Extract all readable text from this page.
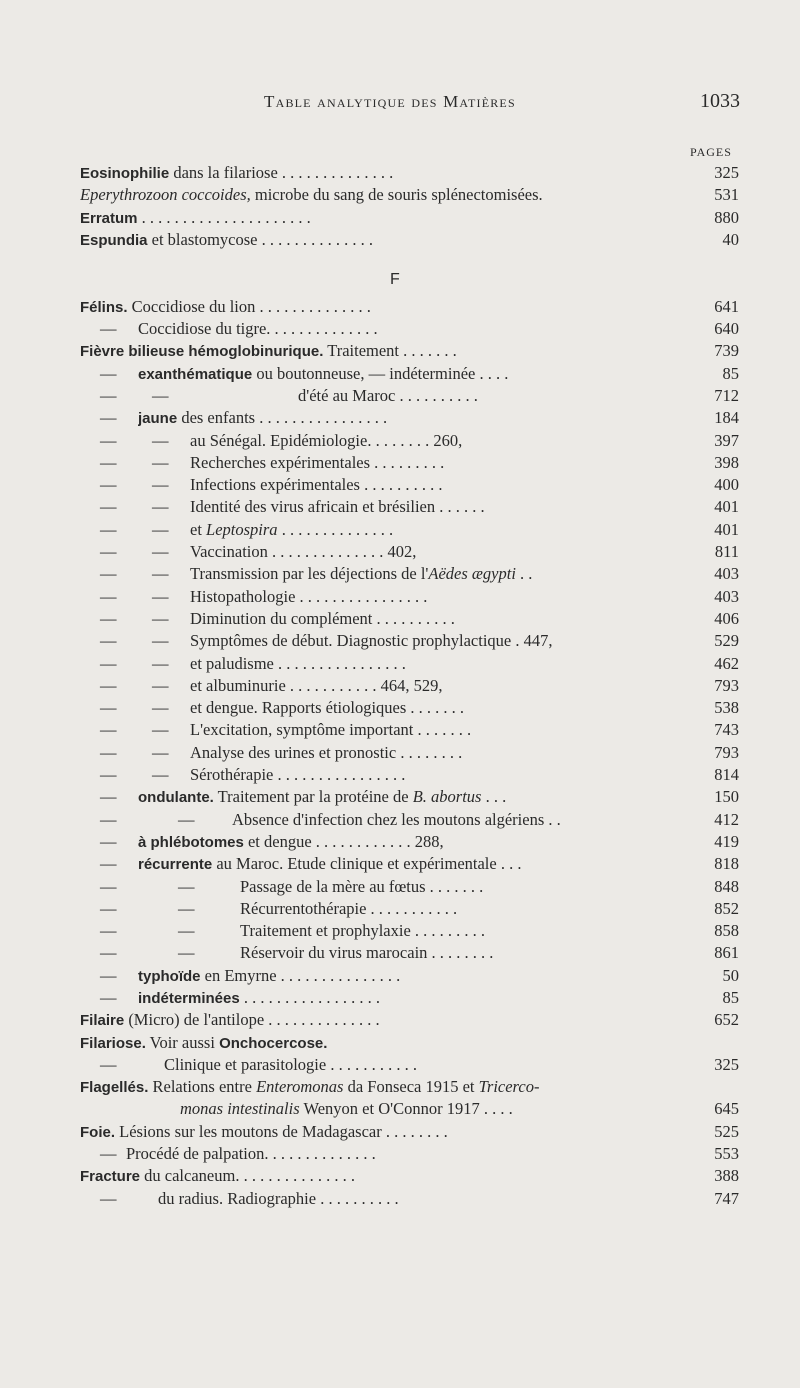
Table analytique des Matières	1033
PAGES
Eosinophilie dans la filariose . . . . . . . . . . . . . .	325
Eperythrozoon coccoides, microbe du sang de souris splénectomisées.	531
Erratum . . . . . . . . . . . . . . . . . . . . .	880
Espundia et blastomycose . . . . . . . . . . . . . .	40
F
Félins. Coccidiose du lion . . . . . . . . . . . . . .	641
— Coccidiose du tigre. . . . . . . . . . . . . .	640
Fièvre bilieuse hémoglobinurique. Traitement . . . . . . .	739
— exanthématique ou boutonneuse, — indéterminée . . . .	85
— —	d'été au Maroc . . . . . . . . . .	712
— jaune des enfants . . . . . . . . . . . . . . . .	184
— — au Sénégal. Epidémiologie. . . . . . . . 260,	397
— — Recherches expérimentales . . . . . . . . .	398
— — Infections expérimentales . . . . . . . . . .	400
— — Identité des virus africain et brésilien . . . . . .	401
— — et Leptospira . . . . . . . . . . . . . .	401
— — Vaccination . . . . . . . . . . . . . . 402,	811
— — Transmission par les déjections de l'Aëdes ægypti . .	403
— — Histopathologie . . . . . . . . . . . . . . . .	403
— — Diminution du complément . . . . . . . . . .	406
— — Symptômes de début. Diagnostic prophylactique . 447,	529
— — et paludisme . . . . . . . . . . . . . . . .	462
— — et albuminurie . . . . . . . . . . . 464, 529,	793
— — et dengue. Rapports étiologiques . . . . . . .	538
— — L'excitation, symptôme important . . . . . . .	743
— — Analyse des urines et pronostic . . . . . . . .	793
— — Sérothérapie . . . . . . . . . . . . . . . .	814
— ondulante. Traitement par la protéine de B. abortus . . .	150
—	— Absence d'infection chez les moutons algériens . .	412
— à phlébotomes et dengue . . . . . . . . . . . . 288,	419
— récurrente au Maroc. Etude clinique et expérimentale . . .	818
—	—	Passage de la mère au fœtus . . . . . . .	848
—	—	Récurrentothérapie . . . . . . . . . . .	852
—	—	Traitement et prophylaxie . . . . . . . . .	858
—	—	Réservoir du virus marocain . . . . . . . .	861
— typhoïde en Emyrne . . . . . . . . . . . . . . .	50
— indéterminées . . . . . . . . . . . . . . . . .	85
Filaire (Micro) de l'antilope . . . . . . . . . . . . . .	652
Filariose. Voir aussi Onchocercose.
—	Clinique et parasitologie . . . . . . . . . . .	325
Flagellés. Relations entre Enteromonas da Fonseca 1915 et Tricerco-
monas intestinalis Wenyon et O'Connor 1917 . . . .	645
Foie. Lésions sur les moutons de Madagascar . . . . . . . .	525
— Procédé de palpation. . . . . . . . . . . . . .	553
Fracture du calcaneum. . . . . . . . . . . . . . .	388
—	du radius. Radiographie . . . . . . . . . .	747
